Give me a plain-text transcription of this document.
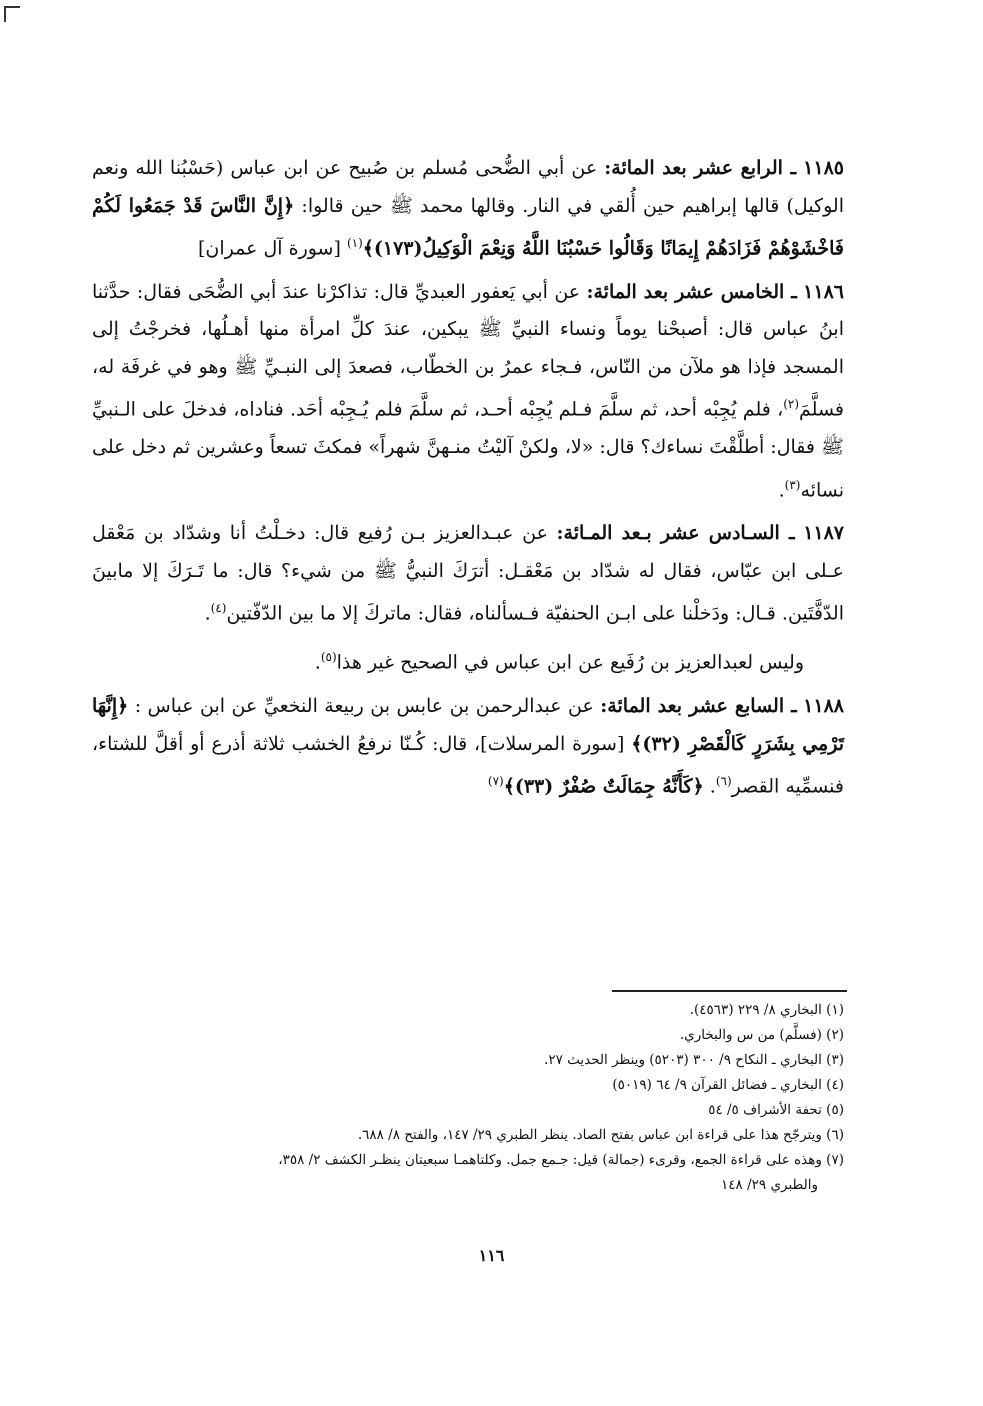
١١٨٥ ـ الرابع عشر بعد المائة: عن أبي الضُّحى مُسلم بن صُبيح عن ابن عباس (حَسْبُنا الله ونعم الوكيل) قالها إبراهيم حين أُلقي في النار. وقالها محمد ﷺ حين قالوا: ﴿إِنَّ النَّاسَ قَدْ جَمَعُوا لَكُمْ فَاخْشَوْهُمْ فَزَادَهُمْ إِيمَانًا وَقَالُوا حَسْبُنَا اللَّهُ وَنِعْمَ الْوَكِيلُ(١٧٣)﴾$^{(١)}$ [سورة آل عمران]

١١٨٦ ـ الخامس عشر بعد المائة: عن أبي يَعفور العبديِّ قال: تذاكرْنا عندَ أبي الضُّحَى فقال: حدَّثنا ابنُ عباس قال: أصبحْنا يوماً ونساء النبيِّ ﷺ يبكين، عندَ كلِّ امرأة منها أهـلُها، فخرجْتُ إلى المسجد فإذا هو ملآن من النّاس، فـجاء عمرُ بن الخطّاب، فصعدَ إلى النبـيِّ ﷺ وهو في غرفَة له، فسلَّمَ$^{(٢)}$، فلم يُجِبْه أحد، ثم سلَّمَ فـلم يُجِبْه أحـد، ثم سلَّمَ فلم يُـجِبْه أحَد. فناداه، فدخلَ على الـنبيِّ ﷺ فقال: أطلَّقْتَ نساءك؟ قال: «لا، ولكنْ آليْتُ منـهنَّ شهراً» فمكثَ تسعاً وعشرين ثم دخل على نسائه$^{(٣)}$.

١١٨٧ ـ السـادس عشر بـعد المـائة: عن عبـدالعزيز بـن رُفيع قال: دخـلْتُ أنا وشدّاد بن مَعْقل عـلى ابن عبّاس، فقال له شدّاد بن مَعْقـل: أترَكَ النبيُّ ﷺ من شيء؟ قال: ما تَـرَكَ إلا مابينَ الدّفَّتَين. قـال: ودَخلْنا على ابـن الحنفيّة فـسألناه، فقال: ماتركَ إلا ما بين الدّفّتين$^{(٤)}$.

وليس لعبدالعزيز بن رُفَيع عن ابن عباس في الصحيح غير هذا$^{(٥)}$.

١١٨٨ ـ السابع عشر بعد المائة: عن عبدالرحمن بن عابس بن ربيعة النخعيِّ عن ابن عباس : ﴿إِنَّهَا تَرْمِي بِشَرَرٍ كَالْقَصْرِ (٣٢)﴾ [سورة المرسلات]، قال: كُـنّا نرفعُ الخشب ثلاثة أذرع أو أقلَّ للشتاء، فنسمِّيه القصر$^{(٦)}$. ﴿كَأَنَّهُ جِمَالَتٌ صُفْرٌ (٣٣)﴾$^{(٧)}$

(١) البخاري ٨/ ٢٢٩ (٤٥٦٣).

(٢) (فسلَّم) من س والبخاري.

(٣) البخاري ـ النكاح ٩/ ٣٠٠ (٥٢٠٣) وينظر الحديث ٢٧.

(٤) البخاري ـ فضائل القرآن ٩/ ٦٤ (٥٠١٩)

(٥) تحفة الأشراف ٥/ ٥٤

(٦) ويترجّح هذا على قراءة ابن عباس بفتح الصاد. ينظر الطبري ٢٩/ ١٤٧، والفتح ٨/ ٦٨٨.

(٧) وهذه على قراءة الجمع، وقرىء (جمالة) قيل: جـمع جمل. وكلتاهمـا سبعيتان ينظـر الكشف ٢/ ٣٥٨،

والطبري ٢٩/ ١٤٨

١١٦
